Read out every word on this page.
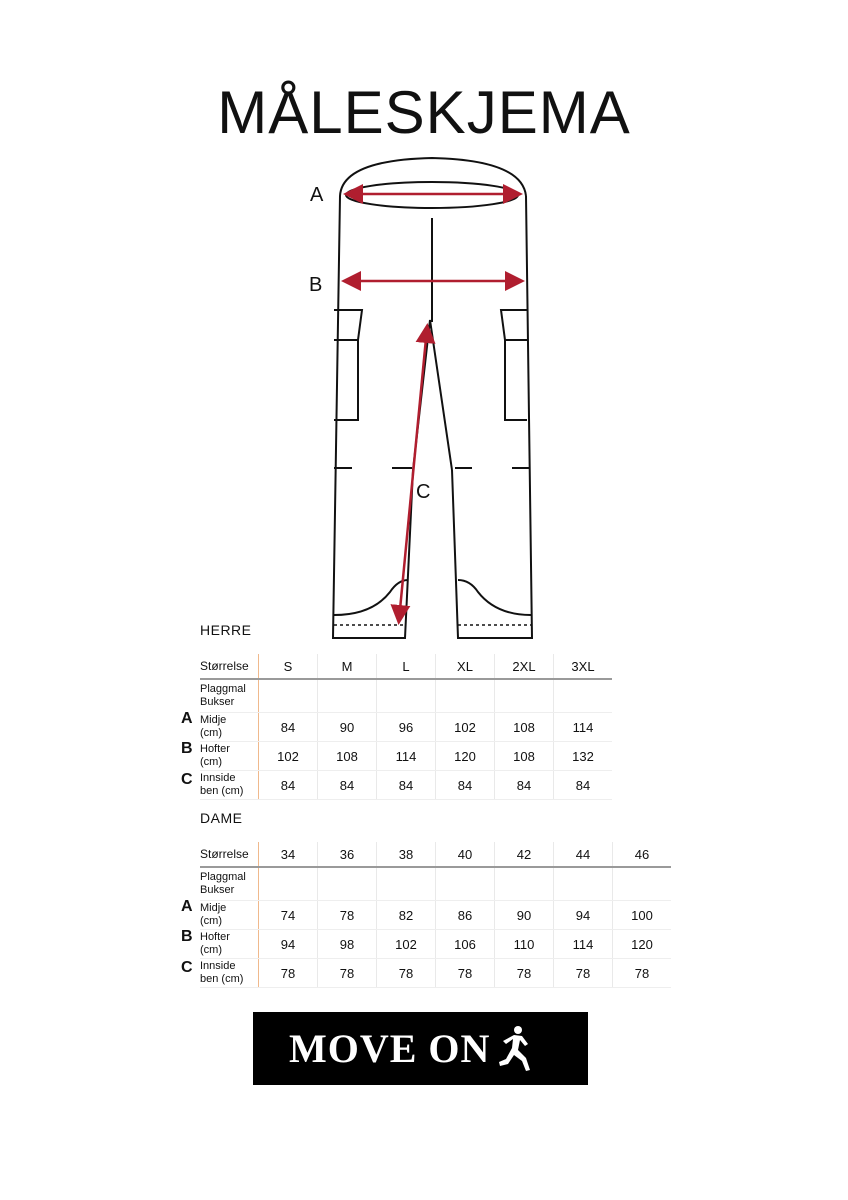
MÅLESKJEMA
A
B
C
HERRE
Størrelse		S	M	L	XL	2XL	3XL
Plaggmal
Bukser							
Midje
(cm)		84	90	96	102	108	114
Hofter
(cm)		102	108	114	120	108	132
Innside
ben (cm)		84	84	84	84	84	84
A
B
C
DAME
Størrelse		34	36	38	40	42	44	46
Plaggmal
Bukser								
Midje
(cm)		74	78	82	86	90	94	100
Hofter
(cm)		94	98	102	106	110	114	120
Innside
ben (cm)		78	78	78	78	78	78	78
A
B
C
MOVE ON
